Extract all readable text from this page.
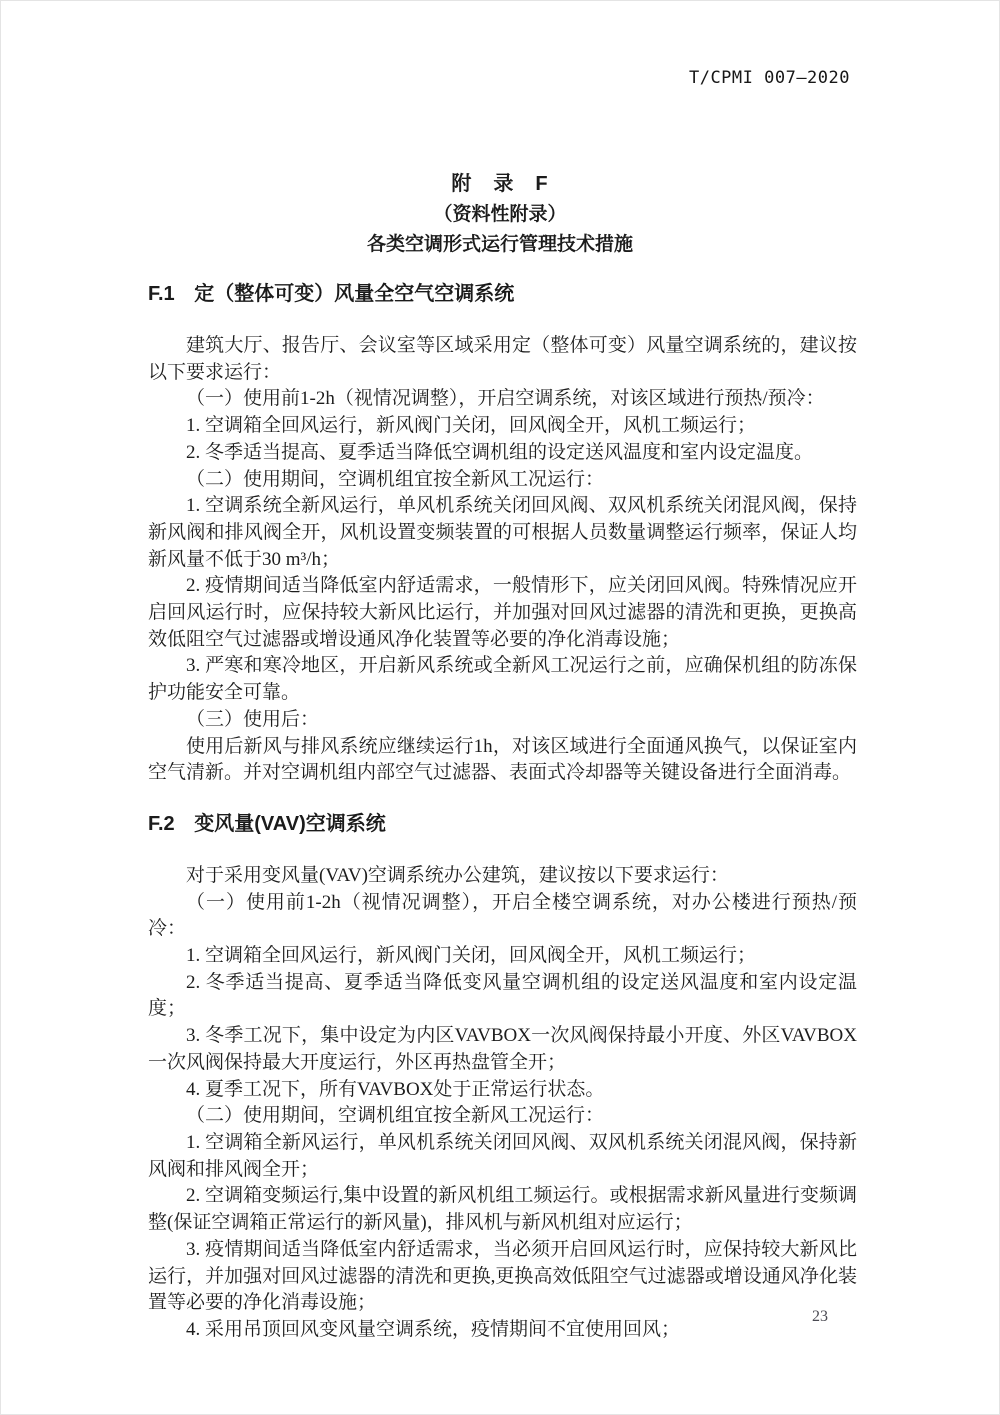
T/CPMI 007—2020
附　录　F
（资料性附录）
各类空调形式运行管理技术措施
F.1 定（整体可变）风量全空气空调系统

建筑大厅、报告厅、会议室等区域采用定（整体可变）风量空调系统的，建议按以下要求运行：

（一）使用前1-2h（视情况调整），开启空调系统，对该区域进行预热/预冷：

1. 空调箱全回风运行，新风阀门关闭，回风阀全开，风机工频运行；

2. 冬季适当提高、夏季适当降低空调机组的设定送风温度和室内设定温度。

（二）使用期间，空调机组宜按全新风工况运行：

1. 空调系统全新风运行，单风机系统关闭回风阀、双风机系统关闭混风阀，保持新风阀和排风阀全开，风机设置变频装置的可根据人员数量调整运行频率，保证人均新风量不低于30 m³/h；

2. 疫情期间适当降低室内舒适需求，一般情形下，应关闭回风阀。特殊情况应开启回风运行时，应保持较大新风比运行，并加强对回风过滤器的清洗和更换，更换高效低阻空气过滤器或增设通风净化装置等必要的净化消毒设施；

3. 严寒和寒冷地区，开启新风系统或全新风工况运行之前，应确保机组的防冻保护功能安全可靠。

（三）使用后：

使用后新风与排风系统应继续运行1h，对该区域进行全面通风换气，以保证室内空气清新。并对空调机组内部空气过滤器、表面式冷却器等关键设备进行全面消毒。

F.2 变风量(VAV)空调系统

对于采用变风量(VAV)空调系统办公建筑，建议按以下要求运行：

（一）使用前1-2h（视情况调整），开启全楼空调系统，对办公楼进行预热/预冷：

1. 空调箱全回风运行，新风阀门关闭，回风阀全开，风机工频运行；

2. 冬季适当提高、夏季适当降低变风量空调机组的设定送风温度和室内设定温度；

3. 冬季工况下，集中设定为内区VAVBOX一次风阀保持最小开度、外区VAVBOX一次风阀保持最大开度运行，外区再热盘管全开；

4. 夏季工况下，所有VAVBOX处于正常运行状态。

（二）使用期间，空调机组宜按全新风工况运行：

1. 空调箱全新风运行，单风机系统关闭回风阀、双风机系统关闭混风阀，保持新风阀和排风阀全开；

2. 空调箱变频运行,集中设置的新风机组工频运行。或根据需求新风量进行变频调整(保证空调箱正常运行的新风量)，排风机与新风机组对应运行；

3. 疫情期间适当降低室内舒适需求，当必须开启回风运行时，应保持较大新风比运行，并加强对回风过滤器的清洗和更换,更换高效低阻空气过滤器或增设通风净化装置等必要的净化消毒设施；

4. 采用吊顶回风变风量空调系统，疫情期间不宜使用回风；

23
